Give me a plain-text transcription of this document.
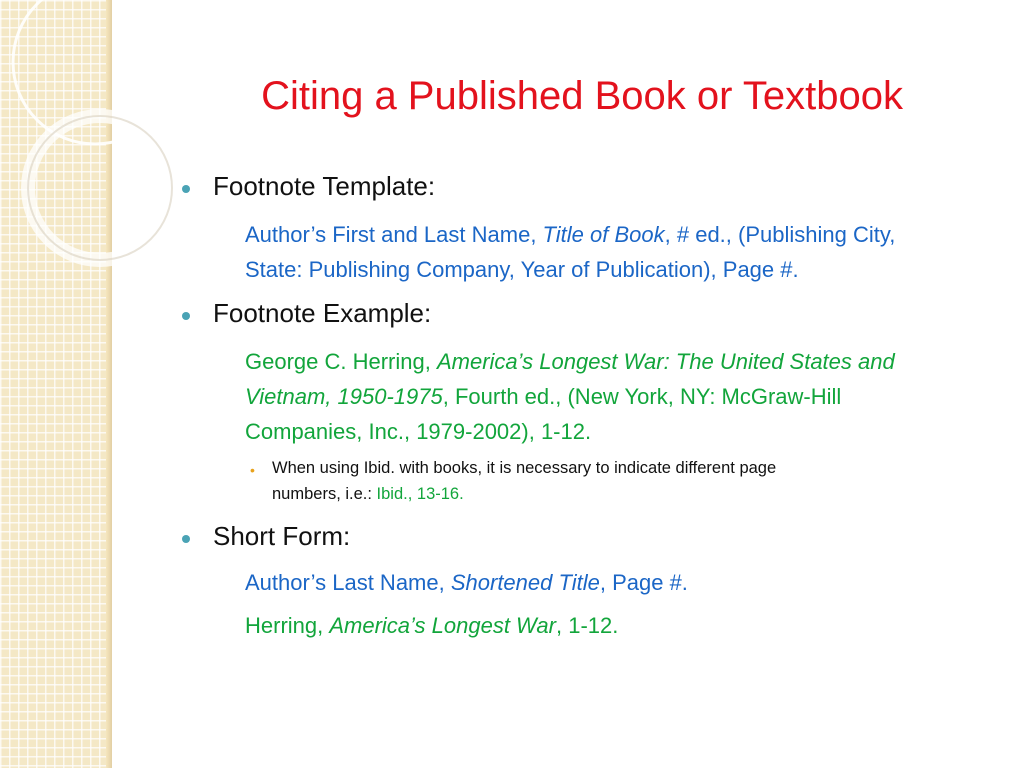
Citing a Published Book or Textbook
Footnote Template:
Author’s First and Last Name, Title of Book, # ed., (Publishing City,
State: Publishing Company, Year of Publication), Page #.
Footnote Example:
George C. Herring, America’s Longest War: The United States and
Vietnam, 1950-1975, Fourth ed., (New York, NY: McGraw-Hill
Companies, Inc., 1979-2002), 1-12.
• When using Ibid. with books, it is necessary to indicate different page
numbers, i.e.: Ibid., 13-16.
Short Form:
Author’s Last Name, Shortened Title, Page #.
Herring, America’s Longest War, 1-12.
